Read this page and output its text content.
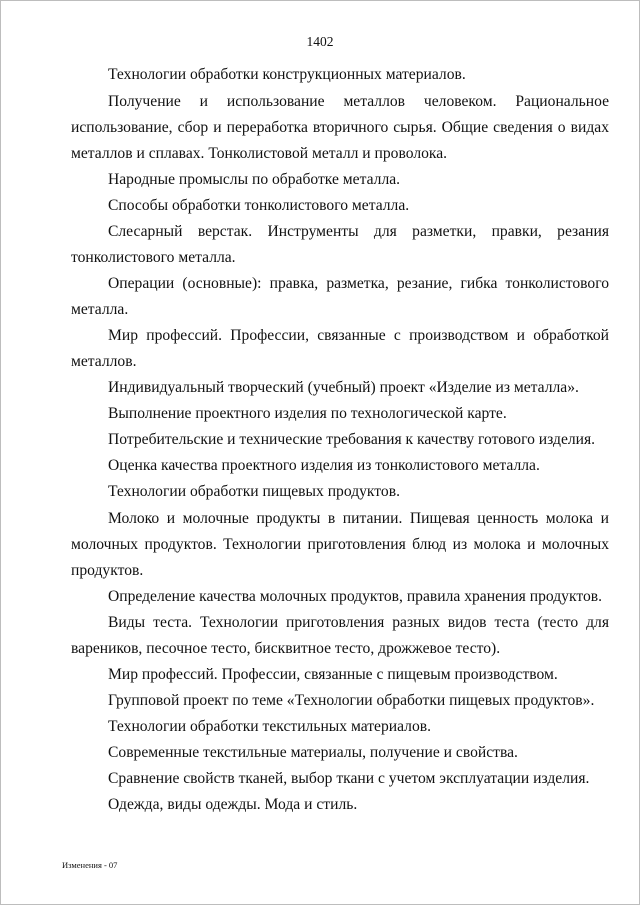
1402

Технологии обработки конструкционных материалов.

Получение и использование металлов человеком. Рациональное использование, сбор и переработка вторичного сырья. Общие сведения о видах металлов и сплавах. Тонколистовой металл и проволока.

Народные промыслы по обработке металла.

Способы обработки тонколистового металла.

Слесарный верстак. Инструменты для разметки, правки, резания тонколистового металла.

Операции (основные): правка, разметка, резание, гибка тонколистового металла.

Мир профессий. Профессии, связанные с производством и обработкой металлов.

Индивидуальный творческий (учебный) проект «Изделие из металла».

Выполнение проектного изделия по технологической карте.

Потребительские и технические требования к качеству готового изделия.

Оценка качества проектного изделия из тонколистового металла.

Технологии обработки пищевых продуктов.

Молоко и молочные продукты в питании. Пищевая ценность молока и молочных продуктов. Технологии приготовления блюд из молока и молочных продуктов.

Определение качества молочных продуктов, правила хранения продуктов.

Виды теста. Технологии приготовления разных видов теста (тесто для вареников, песочное тесто, бисквитное тесто, дрожжевое тесто).

Мир профессий. Профессии, связанные с пищевым производством.

Групповой проект по теме «Технологии обработки пищевых продуктов».

Технологии обработки текстильных материалов.

Современные текстильные материалы, получение и свойства.

Сравнение свойств тканей, выбор ткани с учетом эксплуатации изделия.

Одежда, виды одежды. Мода и стиль.

Изменения - 07
